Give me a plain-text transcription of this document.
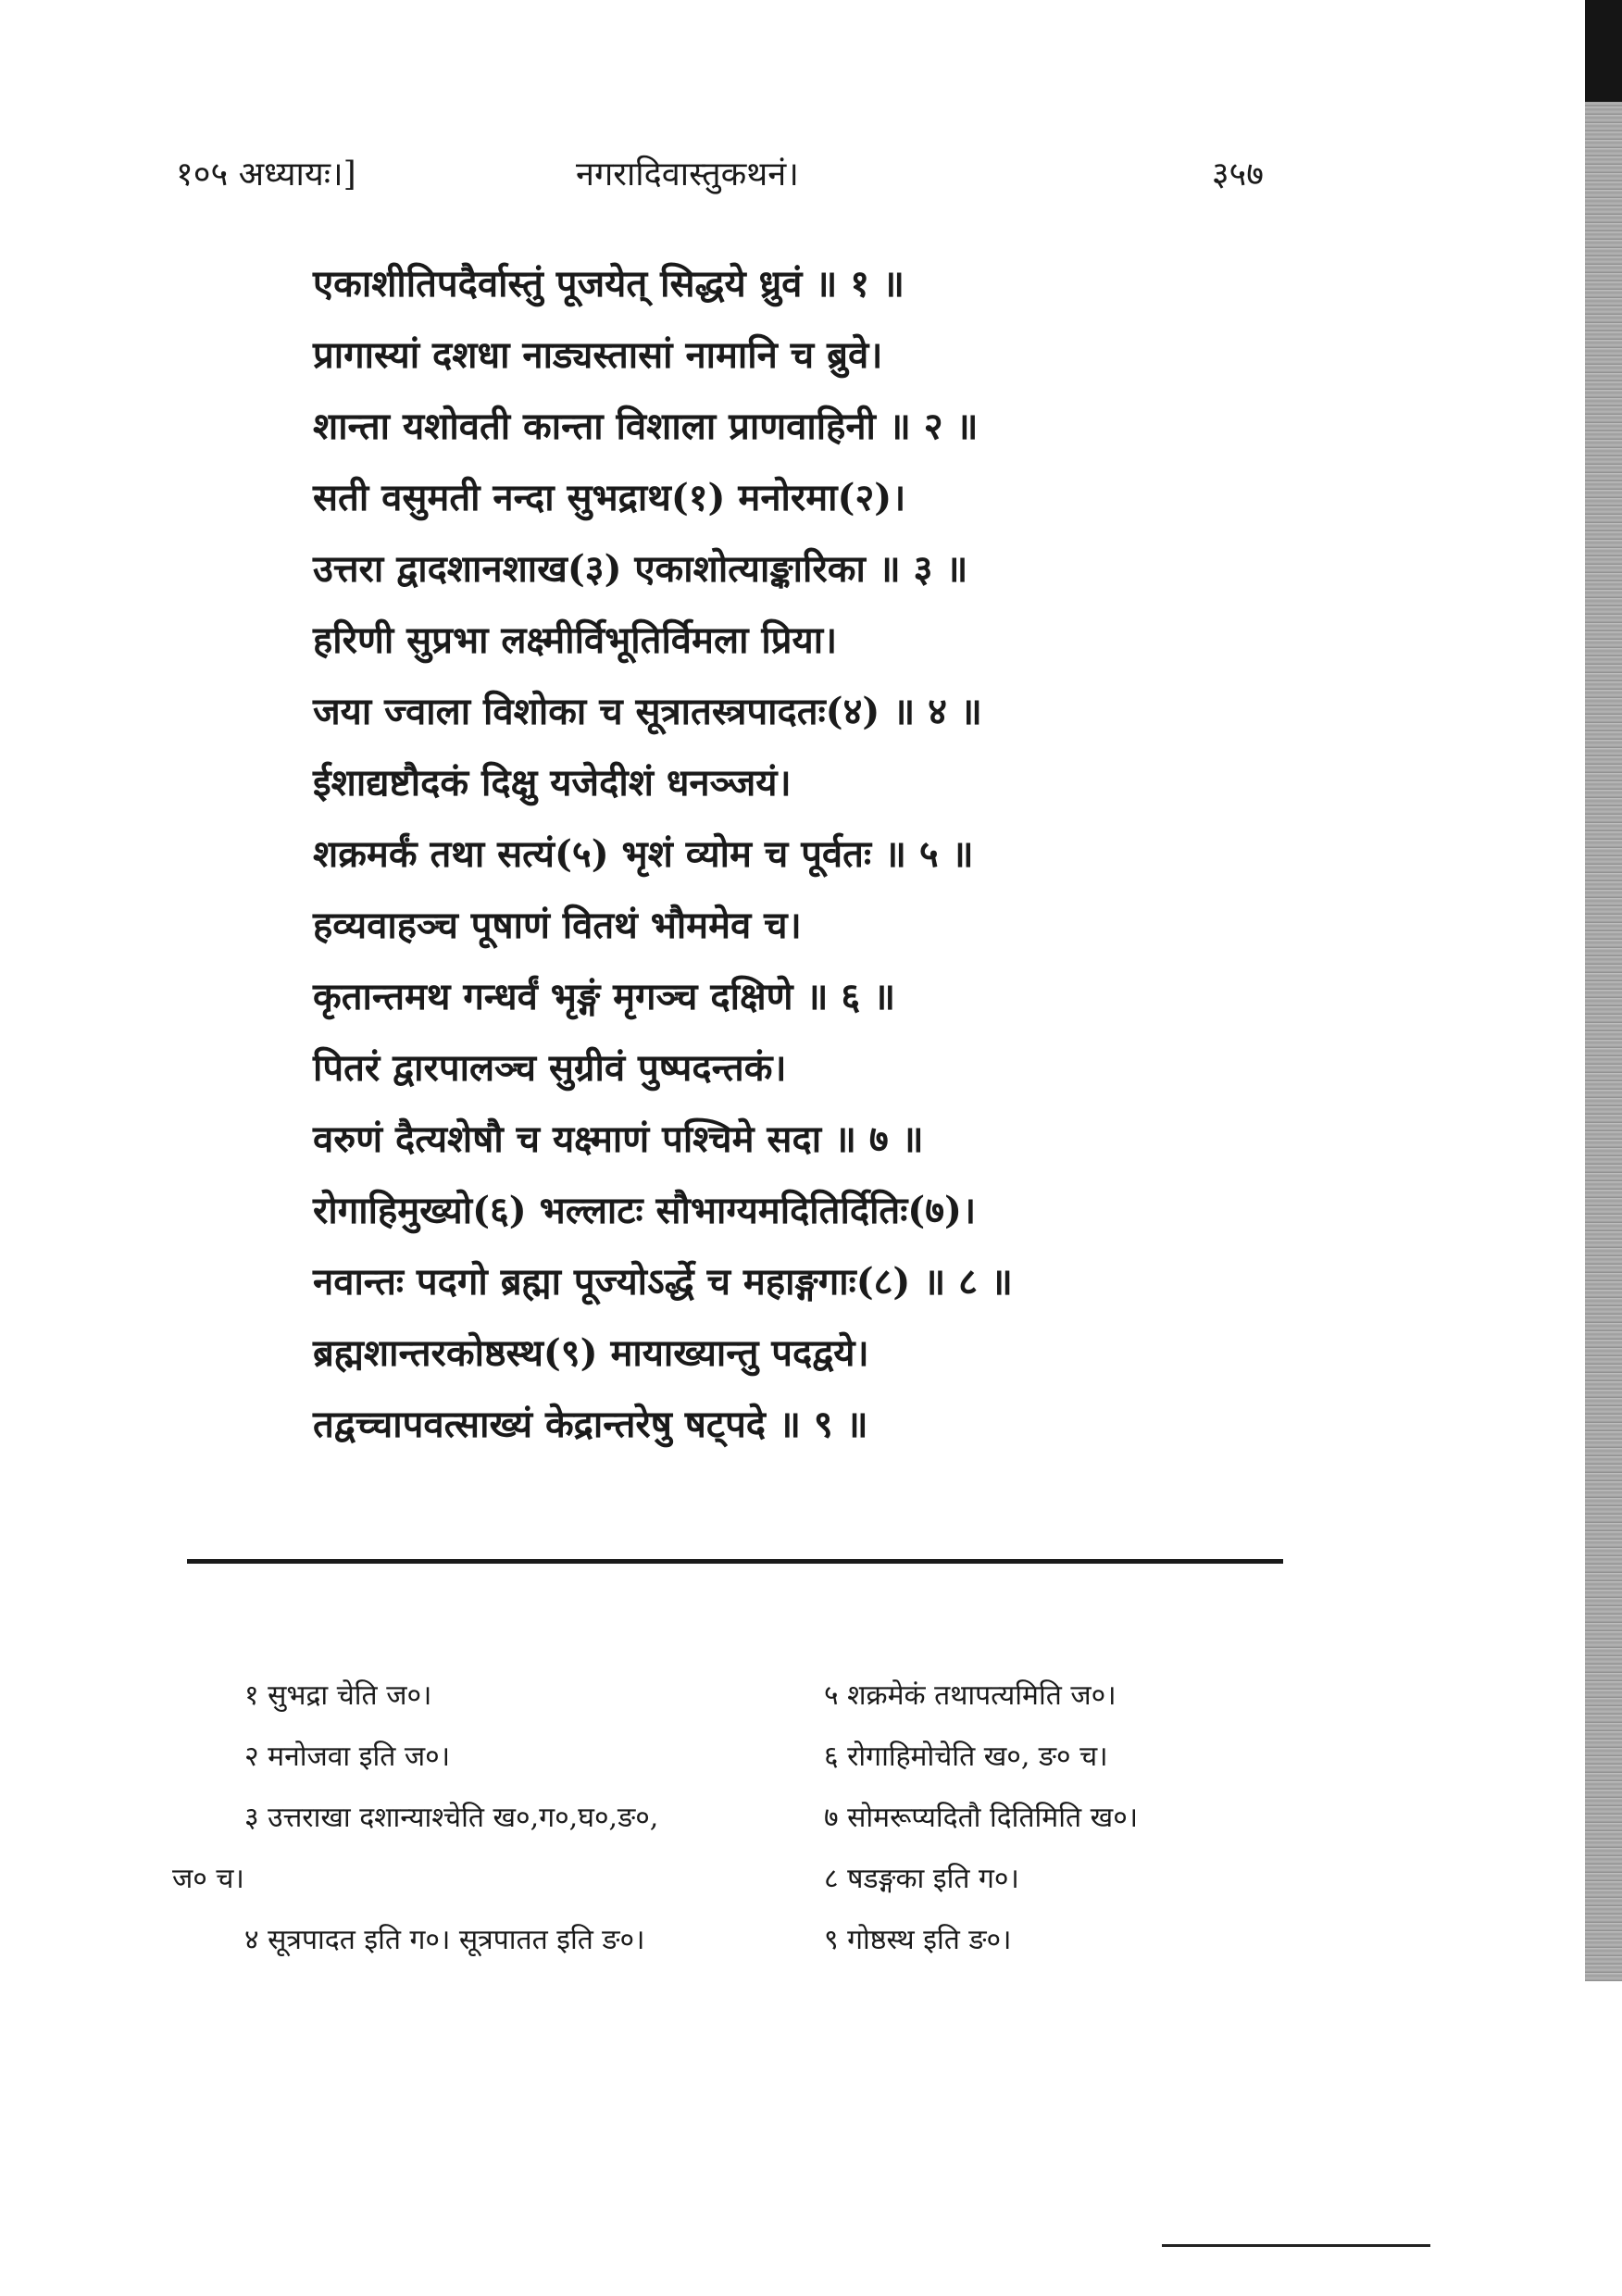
१०५ अध्यायः।]	नगरादिवास्तुकथनं।	३५७
एकाशीतिपदैर्वास्तुं पूजयेत् सिद्धये ध्रुवं ॥ १ ॥
प्रागास्यां दशधा नाड्यस्तासां नामानि च ब्रुवे।
शान्ता यशोवती कान्ता विशाला प्राणवाहिनी ॥ २ ॥
सती वसुमती नन्दा सुभद्राथ(१) मनोरमा(२)।
उत्तरा द्वादशानशाख(३) एकाशोत्याङ्कारिका ॥ ३ ॥
हरिणी सुप्रभा लक्ष्मीर्विभूतिर्विमला प्रिया।
जया ज्वाला विशोका च सूत्रातस्त्रपादतः(४) ॥ ४ ॥
ईशाद्यष्टौदकं दिक्षु यजेदीशं धनञ्जयं।
शक्रमर्कं तथा सत्यं(५) भृशं व्योम च पूर्वतः ॥ ५ ॥
हव्यवाहञ्च पूषाणं वितथं भौममेव च।
कृतान्तमथ गन्धर्वं भृङ्गं मृगञ्च दक्षिणे ॥ ६ ॥
पितरं द्वारपालञ्च सुग्रीवं पुष्पदन्तकं।
वरुणं दैत्यशेषौ च यक्ष्माणं पश्चिमे सदा ॥ ७ ॥
रोगाहिमुख्यो(६) भल्लाटः सौभाग्यमदितिर्दितिः(७)।
नवान्तः पदगो ब्रह्मा पूज्योऽर्द्धे च महाङ्गगाः(८) ॥ ८ ॥
ब्रह्मशान्तरकोष्ठस्थ(९) मायाख्यान्तु पदद्वये।
तद्वच्चापवत्साख्यं केद्रान्तरेषु षट्पदे ॥ ९ ॥
१ सुभद्रा चेति ज०।
२ मनोजवा इति ज०।
३ उत्तराखा दशान्याश्चेति ख०,ग०,घ०,ङ०,
ज० च।
४ सूत्रपादत इति ग०। सूत्रपातत इति ङ०।
५ शक्रमेकं तथापत्यमिति ज०।
६ रोगाहिमोचेति ख०, ङ० च।
७ सोमरूप्यदितौ दितिमिति ख०।
८ षडङ्गका इति ग०।
९ गोष्ठस्थ इति ङ०।
